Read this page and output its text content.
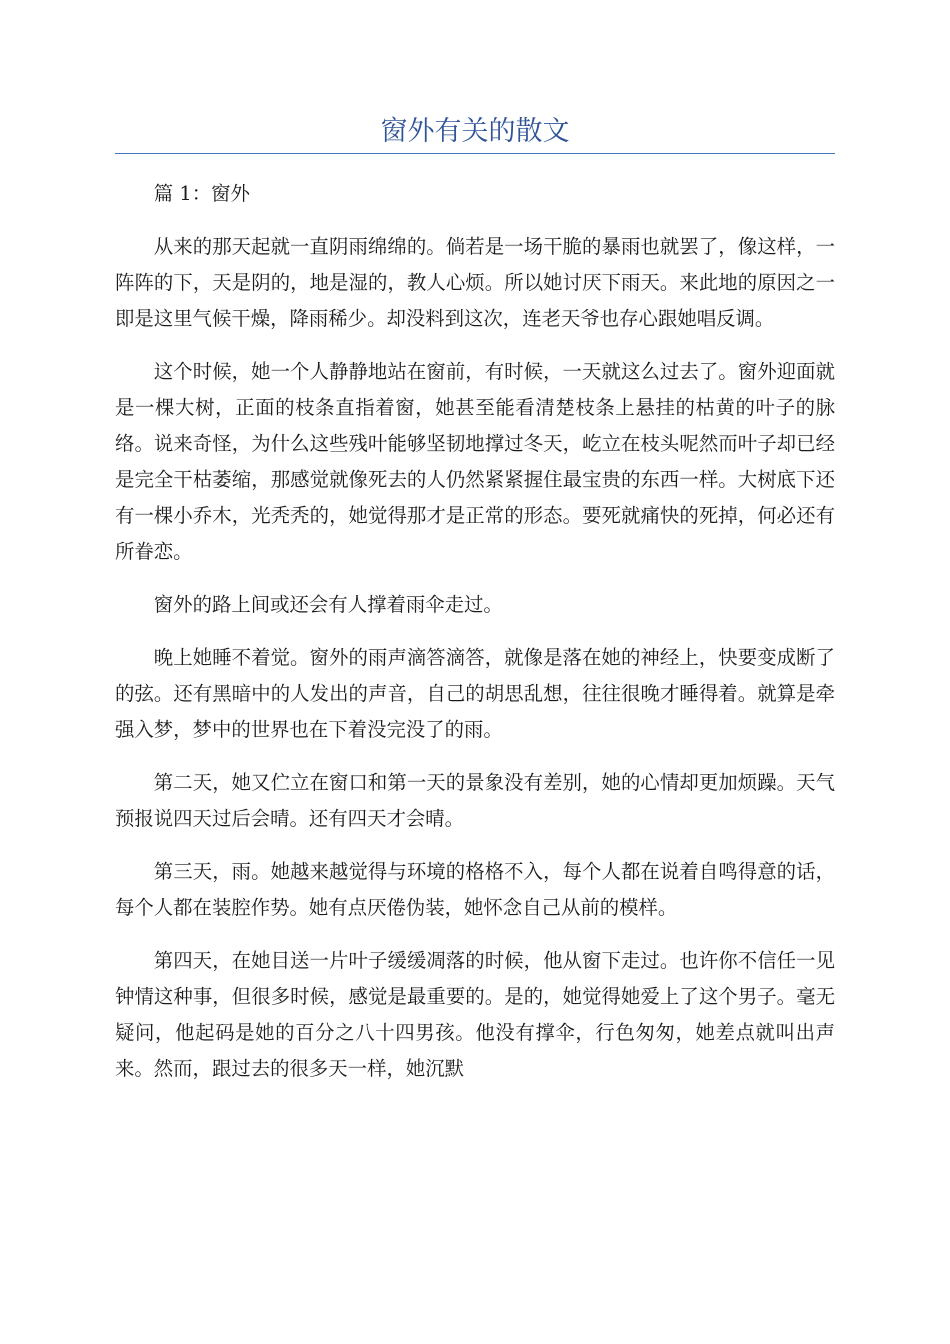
窗外有关的散文

篇 1：窗外

从来的那天起就一直阴雨绵绵的。倘若是一场干脆的暴雨也就罢了，像这样，一阵阵的下，天是阴的，地是湿的，教人心烦。所以她讨厌下雨天。来此地的原因之一即是这里气候干燥，降雨稀少。却没料到这次，连老天爷也存心跟她唱反调。

这个时候，她一个人静静地站在窗前，有时候，一天就这么过去了。窗外迎面就是一棵大树，正面的枝条直指着窗，她甚至能看清楚枝条上悬挂的枯黄的叶子的脉络。说来奇怪，为什么这些残叶能够坚韧地撑过冬天，屹立在枝头呢然而叶子却已经是完全干枯萎缩，那感觉就像死去的人仍然紧紧握住最宝贵的东西一样。大树底下还有一棵小乔木，光秃秃的，她觉得那才是正常的形态。要死就痛快的死掉，何必还有所眷恋。

窗外的路上间或还会有人撑着雨伞走过。

晚上她睡不着觉。窗外的雨声滴答滴答，就像是落在她的神经上，快要变成断了的弦。还有黑暗中的人发出的声音，自己的胡思乱想，往往很晚才睡得着。就算是牵强入梦，梦中的世界也在下着没完没了的雨。

第二天，她又伫立在窗口和第一天的景象没有差别，她的心情却更加烦躁。天气预报说四天过后会晴。还有四天才会晴。

第三天，雨。她越来越觉得与环境的格格不入，每个人都在说着自鸣得意的话，每个人都在装腔作势。她有点厌倦伪装，她怀念自己从前的模样。

第四天，在她目送一片叶子缓缓凋落的时候，他从窗下走过。也许你不信任一见钟情这种事，但很多时候，感觉是最重要的。是的，她觉得她爱上了这个男子。毫无疑问，他起码是她的百分之八十四男孩。他没有撑伞，行色匆匆，她差点就叫出声来。然而，跟过去的很多天一样，她沉默
